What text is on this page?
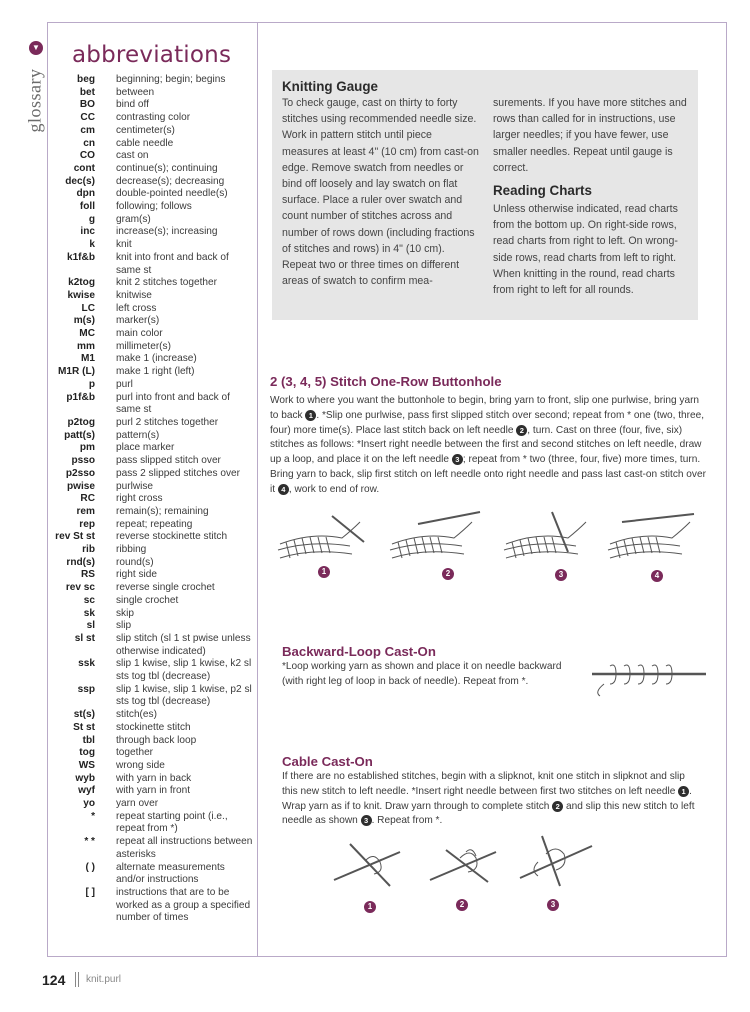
▼
glossary
abbreviations
beg	beginning; begin; begins
bet	between
BO	bind off
CC	contrasting color
cm	centimeter(s)
cn	cable needle
CO	cast on
cont	continue(s); continuing
dec(s)	decrease(s); decreasing
dpn	double-pointed needle(s)
foll	following; follows
g	gram(s)
inc	increase(s); increasing
k	knit
k1f&b	knit into front and back of same st
k2tog	knit 2 stitches together
kwise	knitwise
LC	left cross
m(s)	marker(s)
MC	main color
mm	millimeter(s)
M1	make 1 (increase)
M1R (L)	make 1 right (left)
p	purl
p1f&b	purl into front and back of same st
p2tog	purl 2 stitches together
patt(s)	pattern(s)
pm	place marker
psso	pass slipped stitch over
p2sso	pass 2 slipped stitches over
pwise	purlwise
RC	right cross
rem	remain(s); remaining
rep	repeat; repeating
rev St st	reverse stockinette stitch
rib	ribbing
rnd(s)	round(s)
RS	right side
rev sc	reverse single crochet
sc	single crochet
sk	skip
sl	slip
sl st	slip stitch (sl 1 st pwise unless otherwise indicated)
ssk	slip 1 kwise, slip 1 kwise, k2 sl sts tog tbl (decrease)
ssp	slip 1 kwise, slip 1 kwise, p2 sl sts tog tbl (decrease)
st(s)	stitch(es)
St st	stockinette stitch
tbl	through back loop
tog	together
WS	wrong side
wyb	with yarn in back
wyf	with yarn in front
yo	yarn over
*	repeat starting point (i.e., repeat from *)
* *	repeat all instructions between asterisks
( )	alternate measurements and/or instructions
[ ]	instructions that are to be worked as a group a specified number of times
Knitting Gauge

To check gauge, cast on thirty to forty stitches using recommended needle size. Work in pattern stitch until piece measures at least 4" (10 cm) from cast-on edge. Remove swatch from needles or bind off loosely and lay swatch on flat surface. Place a ruler over swatch and count number of stitches across and number of rows down (including fractions of stitches and rows) in 4" (10 cm). Repeat two or three times on different areas of swatch to confirm mea-

surements. If you have more stitches and rows than called for in instructions, use larger needles; if you have fewer, use smaller needles. Repeat until gauge is correct.

Reading Charts

Unless otherwise indicated, read charts from the bottom up. On right-side rows, read charts from right to left. On wrong-side rows, read charts from left to right. When knitting in the round, read charts from right to left for all rounds.

2 (3, 4, 5) Stitch One-Row Buttonhole

Work to where you want the buttonhole to begin, bring yarn to front, slip one purlwise, bring yarn to back 1 . *Slip one purlwise, pass first slipped stitch over second; repeat from * one (two, three, four) more time(s). Place last stitch back on left needle 2 , turn. Cast on three (four, five, six) stitches as follows: *Insert right needle between the first and second stitches on left needle, draw up a loop, and place it on the left needle 3 ; repeat from * two (three, four, five) more times, turn. Bring yarn to back, slip first stitch on left needle onto right needle and pass last cast-on stitch over it 4 , work to end of row.

1	2	3	4
Backward-Loop Cast-On

*Loop working yarn as shown and place it on needle backward (with right leg of loop in back of needle). Repeat from *.

Cable Cast-On

If there are no established stitches, begin with a slipknot, knit one stitch in slipknot and slip this new stitch to left needle. *Insert right needle between first two stitches on left needle 1 . Wrap yarn as if to knit. Draw yarn through to complete stitch 2 and slip this new stitch to left needle as shown 3 . Repeat from *.

1	2	3
124 knit.purl
